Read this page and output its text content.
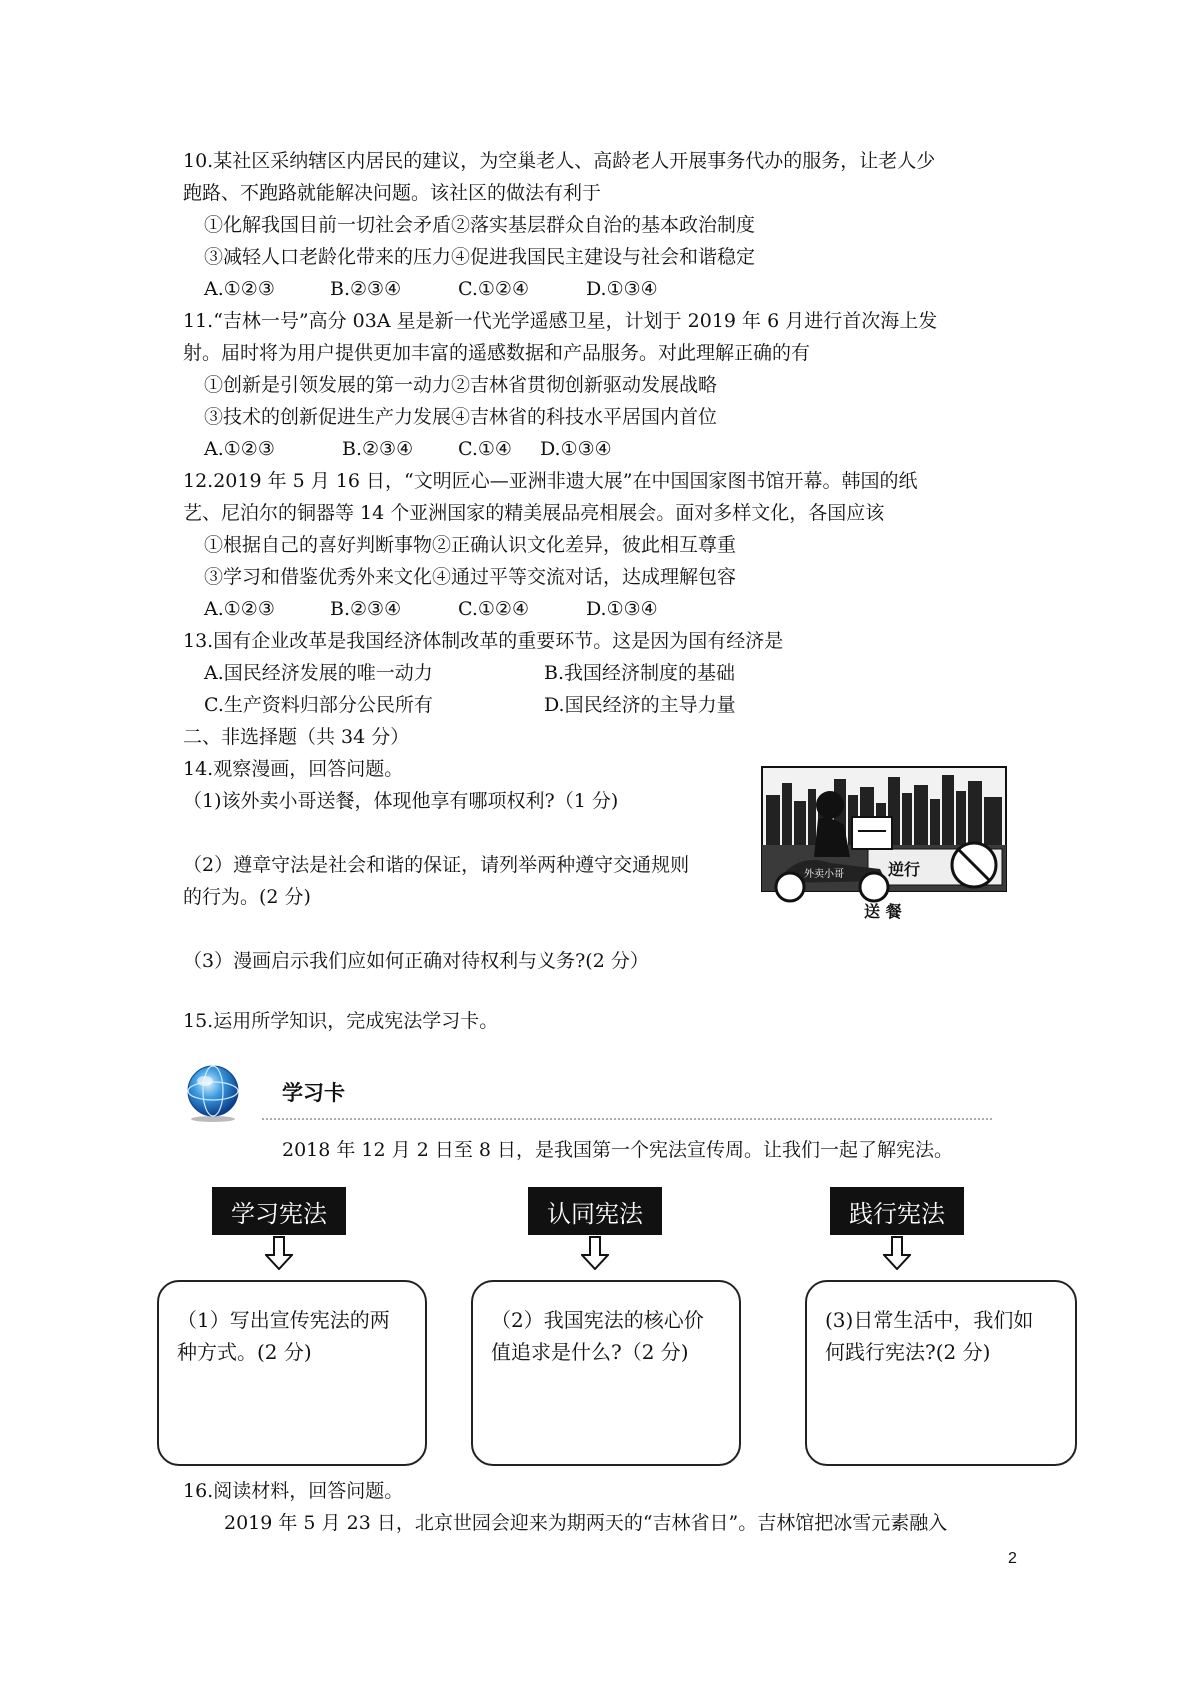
10.某社区采纳辖区内居民的建议，为空巢老人、高龄老人开展事务代办的服务，让老人少
跑路、不跑路就能解决问题。该社区的做法有利于
①化解我国目前一切社会矛盾②落实基层群众自治的基本政治制度
③减轻人口老龄化带来的压力④促进我国民主建设与社会和谐稳定
A.①②③	B.②③④	C.①②④	D.①③④
11.“吉林一号”高分 03A 星是新一代光学遥感卫星，计划于 2019 年 6 月进行首次海上发
射。届时将为用户提供更加丰富的遥感数据和产品服务。对此理解正确的有
①创新是引领发展的第一动力②吉林省贯彻创新驱动发展战略
③技术的创新促进生产力发展④吉林省的科技水平居国内首位
A.①②③	B.②③④ C.①④ D.①③④
12.2019 年 5 月 16 日，“文明匠心—亚洲非遗大展”在中国国家图书馆开幕。韩国的纸
艺、尼泊尔的铜器等 14 个亚洲国家的精美展品亮相展会。面对多样文化，各国应该
①根据自己的喜好判断事物②正确认识文化差异，彼此相互尊重
③学习和借鉴优秀外来文化④通过平等交流对话，达成理解包容
A.①②③	B.②③④	C.①②④	D.①③④
13.国有企业改革是我国经济体制改革的重要环节。这是因为国有经济是
A.国民经济发展的唯一动力	B.我国经济制度的基础
C.生产资料归部分公民所有	D.国民经济的主导力量
二、非选择题（共 34 分）
14.观察漫画，回答问题。
（1)该外卖小哥送餐，体现他享有哪项权利?（1 分)
（2）遵章守法是社会和谐的保证，请列举两种遵守交通规则
的行为。(2 分)
（3）漫画启示我们应如何正确对待权利与义务?(2 分）
逆行
外卖小哥
送 餐
15.运用所学知识，完成宪法学习卡。
学习卡
2018 年 12 月 2 日至 8 日，是我国第一个宪法宣传周。让我们一起了解宪法。
学习宪法
（1）写出宣传宪法的两
种方式。(2 分)
认同宪法
（2）我国宪法的核心价
值追求是什么?（2 分)
践行宪法
(3)日常生活中，我们如
何践行宪法?(2 分)
16.阅读材料，回答问题。
2019 年 5 月 23 日，北京世园会迎来为期两天的“吉林省日”。吉林馆把冰雪元素融入
2
